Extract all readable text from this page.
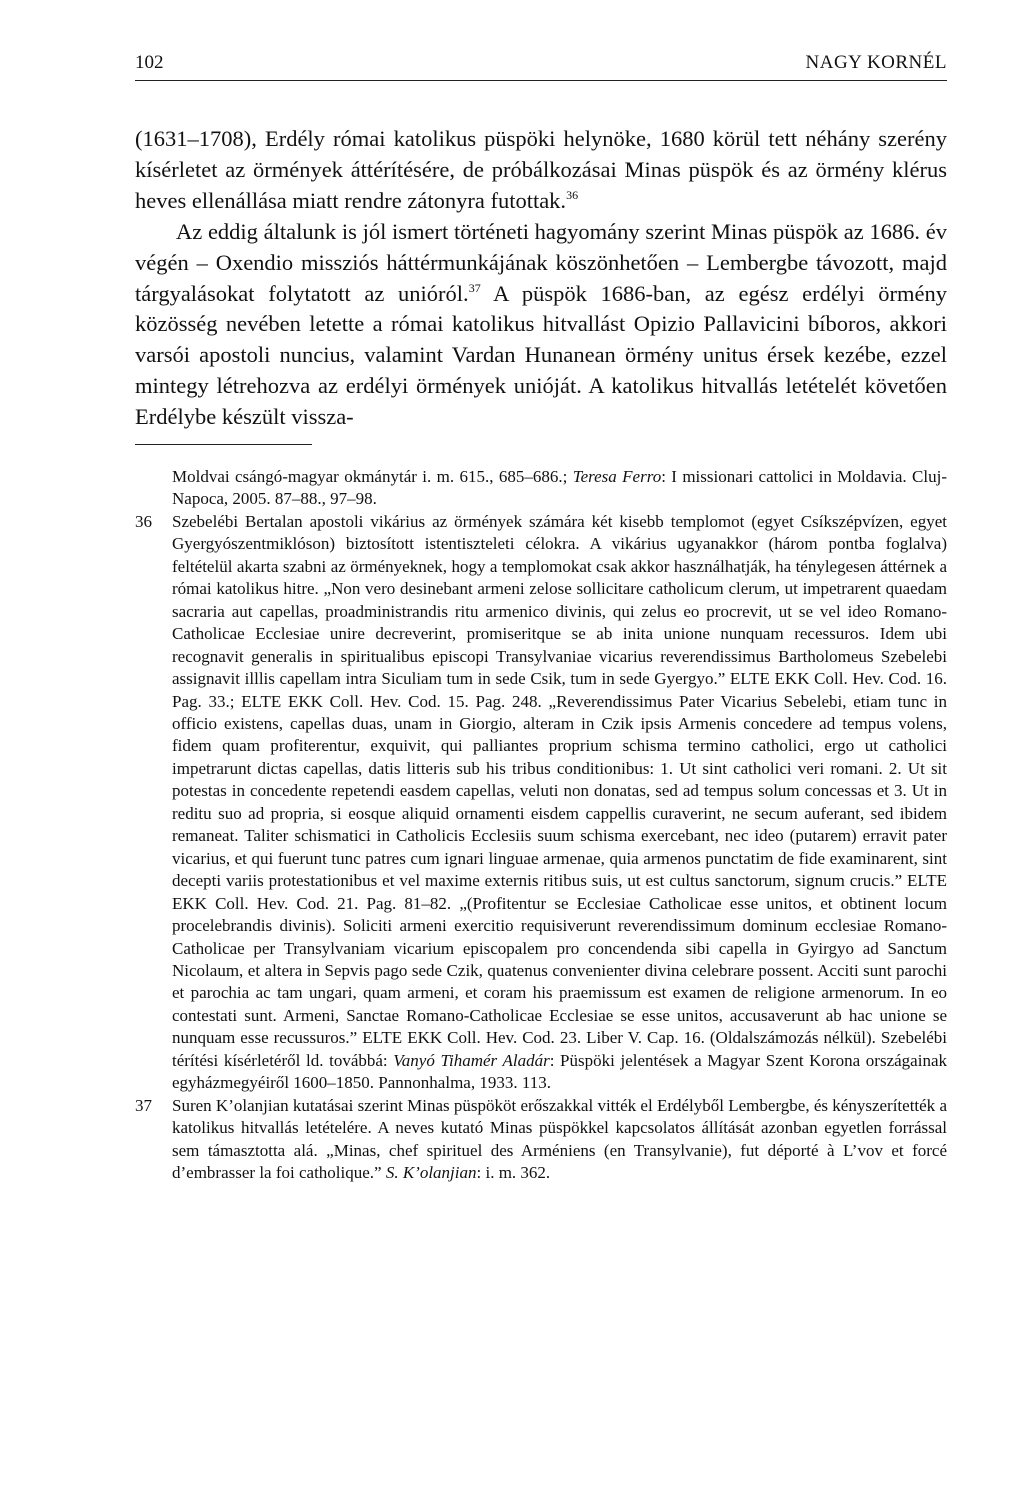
102	NAGY KORNÉL

(1631–1708), Erdély római katolikus püspöki helynöke, 1680 körül tett néhány szerény kísérletet az örmények áttérítésére, de próbálkozásai Minas püspök és az örmény klérus heves ellenállása miatt rendre zátonyra futottak.$^{36}$

Az eddig általunk is jól ismert történeti hagyomány szerint Minas püspök az 1686. év végén – Oxendio missziós háttérmunkájának köszönhetően – Lembergbe távozott, majd tárgyalásokat folytatott az unióról.$^{37}$ A püspök 1686-ban, az egész erdélyi örmény közösség nevében letette a római katolikus hitvallást Opizio Pallavicini bíboros, akkori varsói apostoli nuncius, valamint Vardan Hunanean örmény unitus érsek kezébe, ezzel mintegy létrehozva az erdélyi örmények unióját. A katolikus hitvallás letételét követően Erdélybe készült vissza-

Moldvai csángó-magyar okmánytár i. m. 615., 685–686.; Teresa Ferro: I missionari cattolici in Moldavia. Cluj-Napoca, 2005. 87–88., 97–98.

36 Szebelébi Bertalan apostoli vikárius az örmények számára két kisebb templomot (egyet Csíkszépvízen, egyet Gyergyószentmiklóson) biztosított istentiszteleti célokra. A vikárius ugyanakkor (három pontba foglalva) feltételül akarta szabni az örményeknek, hogy a templomokat csak akkor használhatják, ha ténylegesen áttérnek a római katolikus hitre. „Non vero desinebant armeni zelose sollicitare catholicum clerum, ut impetrarent quaedam sacraria aut capellas, proadministrandis ritu armenico divinis, qui zelus eo procrevit, ut se vel ideo Romano-Catholicae Ecclesiae unire decreverint, promiseritque se ab inita unione nunquam recessuros. Idem ubi recognavit generalis in spiritualibus episcopi Transylvaniae vicarius reverendissimus Bartholomeus Szebelebi assignavit illlis capellam intra Siculiam tum in sede Csik, tum in sede Gyergyo.” ELTE EKK Coll. Hev. Cod. 16. Pag. 33.; ELTE EKK Coll. Hev. Cod. 15. Pag. 248. „Reverendissimus Pater Vicarius Sebelebi, etiam tunc in officio existens, capellas duas, unam in Giorgio, alteram in Czik ipsis Armenis concedere ad tempus volens, fidem quam profiterentur, exquivit, qui palliantes proprium schisma termino catholici, ergo ut catholici impetrarunt dictas capellas, datis litteris sub his tribus conditionibus: 1. Ut sint catholici veri romani. 2. Ut sit potestas in concedente repetendi easdem capellas, veluti non donatas, sed ad tempus solum concessas et 3. Ut in reditu suo ad propria, si eosque aliquid ornamenti eisdem cappellis curaverint, ne secum auferant, sed ibidem remaneat. Taliter schismatici in Catholicis Ecclesiis suum schisma exercebant, nec ideo (putarem) erravit pater vicarius, et qui fuerunt tunc patres cum ignari linguae armenae, quia armenos punctatim de fide examinarent, sint decepti variis protestationibus et vel maxime externis ritibus suis, ut est cultus sanctorum, signum crucis.” ELTE EKK Coll. Hev. Cod. 21. Pag. 81–82. „(Profitentur se Ecclesiae Catholicae esse unitos, et obtinent locum procelebrandis divinis). Soliciti armeni exercitio requisiverunt reverendissimum dominum ecclesiae Romano-Catholicae per Transylvaniam vicarium episcopalem pro concendenda sibi capella in Gyirgyo ad Sanctum Nicolaum, et altera in Sepvis pago sede Czik, quatenus convenienter divina celebrare possent. Acciti sunt parochi et parochia ac tam ungari, quam armeni, et coram his praemissum est examen de religione armenorum. In eo contestati sunt. Armeni, Sanctae Romano-Catholicae Ecclesiae se esse unitos, accusaverunt ab hac unione se nunquam esse recussuros.” ELTE EKK Coll. Hev. Cod. 23. Liber V. Cap. 16. (Oldalszámozás nélkül). Szebelébi térítési kísérletéről ld. továbbá: Vanyó Tihamér Aladár: Püspöki jelentések a Magyar Szent Korona országainak egyházmegyéiről 1600–1850. Pannonhalma, 1933. 113.

37 Suren K’olanjian kutatásai szerint Minas püspököt erőszakkal vitték el Erdélyből Lembergbe, és kényszerítették a katolikus hitvallás letételére. A neves kutató Minas püspökkel kapcsolatos állítását azonban egyetlen forrással sem támasztotta alá. „Minas, chef spirituel des Arméniens (en Transylvanie), fut déporté à L’vov et forcé d’embrasser la foi catholique.” S. K’olanjian: i. m. 362.
